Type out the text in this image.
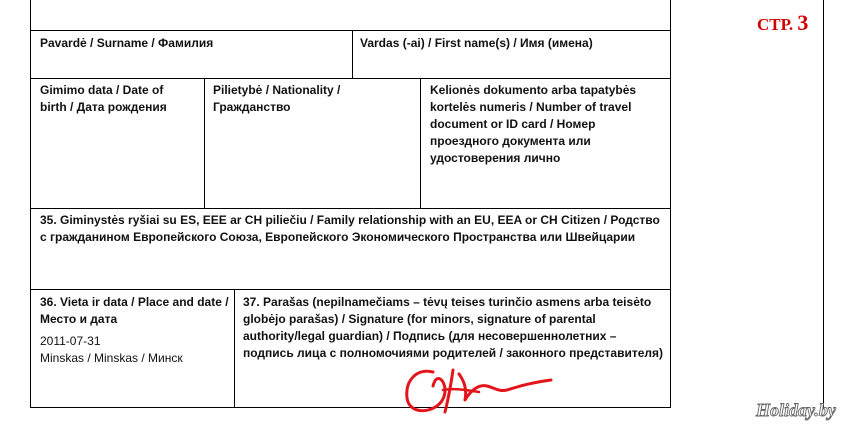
СТР. 3
Pavardė / Surname / Фамилия	Vardas (-ai) / First name(s) / Имя (имена)
Gimimo data / Date of birth / Дата рождения
Pilietybė / Nationality / Гражданство
Kelionės dokumento arba tapatybės kortelės numeris / Number of travel document or ID card / Номер проездного документа или удостоверения лично
35. Giminystės ryšiai su ES, EEE ar CH piliečiu / Family relationship with an EU, EEA or CH Citizen / Родство с гражданином Европейского Союза, Европейского Экономического Пространства или Швейцарии
36. Vieta ir data / Place and date / Место и дата
2011-07-31
Minskas / Minskas / Минск
37. Parašas (nepilnamečiams – tėvų teises turinčio asmens arba teisėto globėjo parašas) / Signature (for minors, signature of parental authority/legal guardian) / Подпись (для несовершеннолетних – подпись лица с полномочиями родителей / законного представителя)
Holiday.by
